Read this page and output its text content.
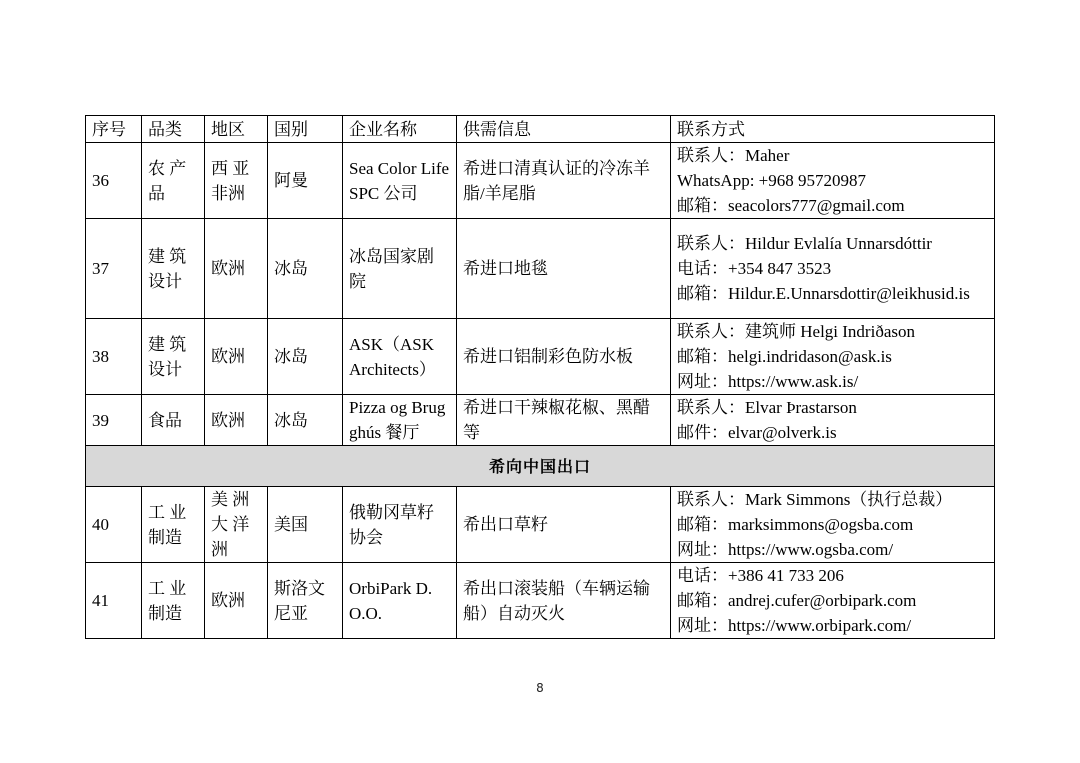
序号	品类	地区	国别	企业名称	供需信息	联系方式
36	农 产 品	西 亚 非洲	阿曼	Sea Color Life SPC 公司	希进口清真认证的冷冻羊脂/羊尾脂	联系人：Maher
WhatsApp: +968 95720987
邮箱：seacolors777@gmail.com

37	建 筑 设计	欧洲	冰岛	冰岛国家剧院	希进口地毯	联系人：Hildur Evlalía Unnarsdóttir
电话：+354 847 3523
邮箱：Hildur.E.Unnarsdottir@leikhusid.is

38	建 筑 设计	欧洲	冰岛	ASK（ASK Architects）	希进口铝制彩色防水板	联系人：建筑师 Helgi Indriðason
邮箱：helgi.indridason@ask.is
网址：https://www.ask.is/

39	食品	欧洲	冰岛	Pizza og Brugghús 餐厅	希进口干辣椒花椒、黑醋等	联系人：Elvar Þrastarson
邮件：elvar@olverk.is

希向中国出口						
40	工 业 制造	美 洲 大 洋 洲	美国	俄勒冈草籽协会	希出口草籽	联系人：Mark Simmons（执行总裁）
邮箱：marksimmons@ogsba.com
网址：https://www.ogsba.com/

41	工 业 制造	欧洲	斯洛文尼亚	OrbiPark D. O.O.	希出口滚装船（车辆运输船）自动灭火	电话：+386 41 733 206
邮箱：andrej.cufer@orbipark.com
网址：https://www.orbipark.com/
8
